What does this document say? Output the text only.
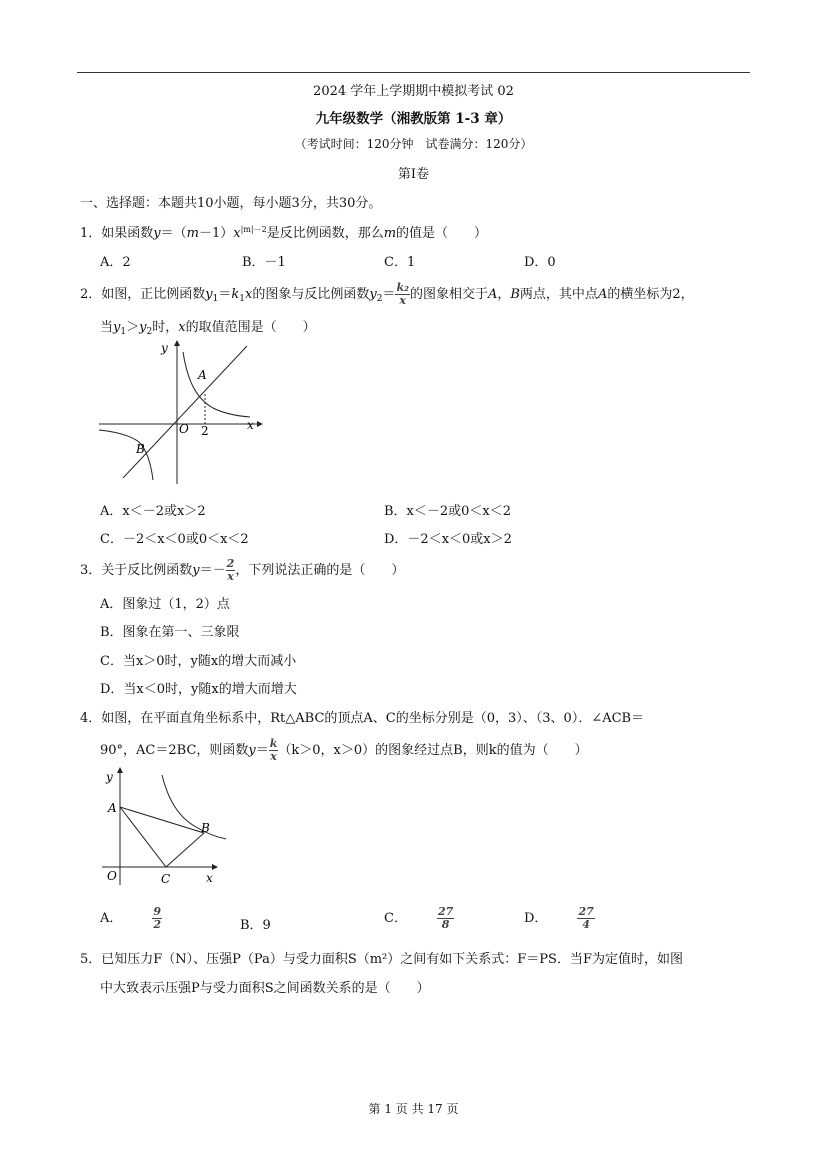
2024 学年上学期期中模拟考试 02
九年级数学（湘教版第 1-3 章）
（考试时间：120分钟　试卷满分：120分）
第Ⅰ卷
一、选择题：本题共10小题，每小题3分，共30分。
1．如果函数$y=(m-1)x^{|m|-2}$是反比例函数，那么m的值是（　　）
A．2	B．－1	C．1	D．0
2．如图，正比例函数$y_1=k_1x$的图象与反比例函数$y_2= \frac{\text{k₂}}{x}$ 的图象相交于A，B两点，其中点A的横坐标为2，
当$y_1>y_2$时，x的取值范围是（　　）
y
x
O 2
A
B
A．x＜－2或x＞2	B．x＜－2或0＜x＜2
C．－2＜x＜0或0＜x＜2	D．－2＜x＜0或x＞2
3．关于反比例函数$y=- \frac{2}{x}$ ，下列说法正确的是（　　）
A．图象过（1，2）点
B．图象在第一、三象限
C．当x＞0时，y随x的增大而减小
D．当x＜0时，y随x的增大而增大
4．如图，在平面直角坐标系中，Rt△ABC的顶点A、C的坐标分别是（0，3）、（3、0）．∠ACB＝
90°，AC＝2BC，则函数$y= \frac{k}{x} (k>0$，x＞0）的图象经过点B，则k的值为（　　）
y
x
O
A
B
C
A．	$\frac{9}{2}$	B．9	C．	$\frac{27}{8}$	D．	$\frac{27}{4}$
5．已知压力F（N）、压强P（Pa）与受力面积S（m²）之间有如下关系式：F＝PS．当F为定值时，如图
中大致表示压强P与受力面积S之间函数关系的是（　　）
第 1 页 共 17 页
